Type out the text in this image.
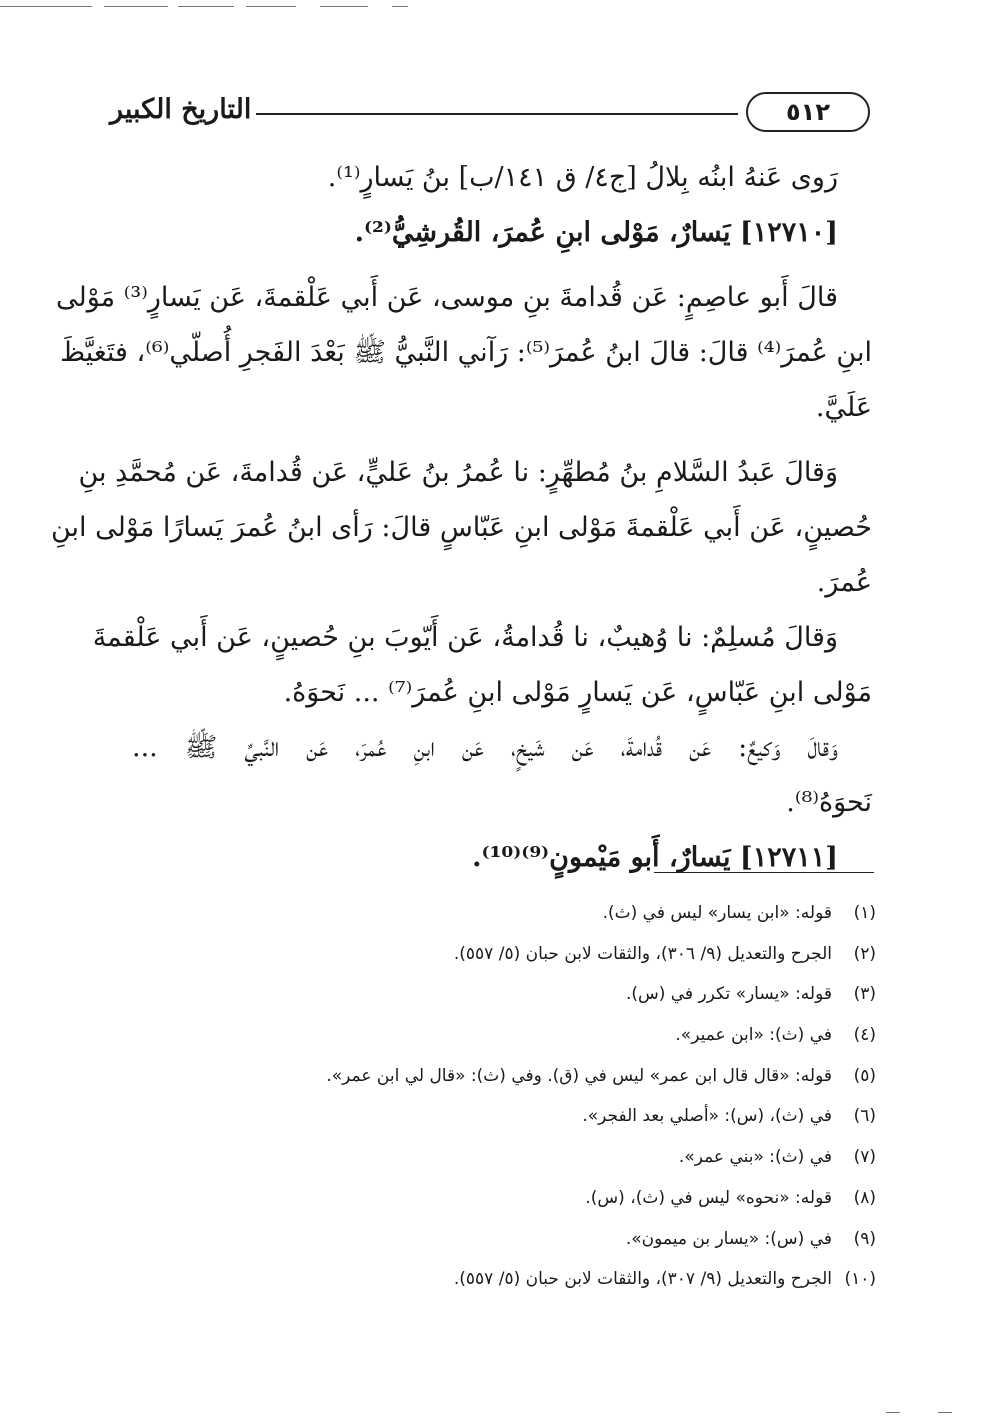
التاريخ الكبير	٥١٢
رَوى عَنهُ ابنُه بِلالُ [ج٤/ ق ١٤١/ب] بنُ يَسارٍ⁽¹⁾.
[١٢٧١٠] يَسارٌ، مَوْلى ابنِ عُمرَ، القُرشِيُّ⁽²⁾.
قالَ أَبو عاصِمٍ: عَن قُدامةَ بنِ موسى، عَن أَبي عَلْقمةَ، عَن يَسارٍ⁽³⁾ مَوْلى
ابنِ عُمرَ⁽⁴⁾ قالَ: قالَ ابنُ عُمرَ⁽⁵⁾: رَآني النَّبيُّ ﷺ بَعْدَ الفَجرِ أُصلّي⁽⁶⁾، فتَغيَّظَ
عَلَيَّ.
وَقالَ عَبدُ السَّلامِ بنُ مُطهِّرٍ: نا عُمرُ بنُ عَليٍّ، عَن قُدامةَ، عَن مُحمَّدِ بنِ
حُصينٍ، عَن أَبي عَلْقمةَ مَوْلى ابنِ عَبّاسٍ قالَ: رَأى ابنُ عُمرَ يَسارًا مَوْلى ابنِ
عُمرَ.
وَقالَ مُسلِمٌ: نا وُهيبٌ، نا قُدامةُ، عَن أَيّوبَ بنِ حُصينٍ، عَن أَبي عَلْقمةَ
مَوْلى ابنِ عَبّاسٍ، عَن يَسارٍ مَوْلى ابنِ عُمرَ⁽⁷⁾ ... نَحوَهُ.
وَقالَ وَكيعٌ: عَن قُدامةَ، عَن شَيخٍ، عَن ابنِ عُمرَ، عَن النَّبيِّ ﷺ ...
نَحوَهُ⁽⁸⁾.
[١٢٧١١] يَسارٌ، أَبو مَيْمونٍ⁽⁹⁾⁽¹⁰⁾.
(١)قوله: «ابن يسار» ليس في (ث).
(٢)الجرح والتعديل (٩/ ٣٠٦)، والثقات لابن حبان (٥/ ٥٥٧).
(٣)قوله: «يسار» تكرر في (س).
(٤)في (ث): «ابن عمير».
(٥)قوله: «قال قال ابن عمر» ليس في (ق). وفي (ث): «قال لي ابن عمر».
(٦)في (ث)، (س): «أصلي بعد الفجر».
(٧)في (ث): «بني عمر».
(٨)قوله: «نحوه» ليس في (ث)، (س).
(٩)في (س): «يسار بن ميمون».
(١٠)الجرح والتعديل (٩/ ٣٠٧)، والثقات لابن حبان (٥/ ٥٥٧).
